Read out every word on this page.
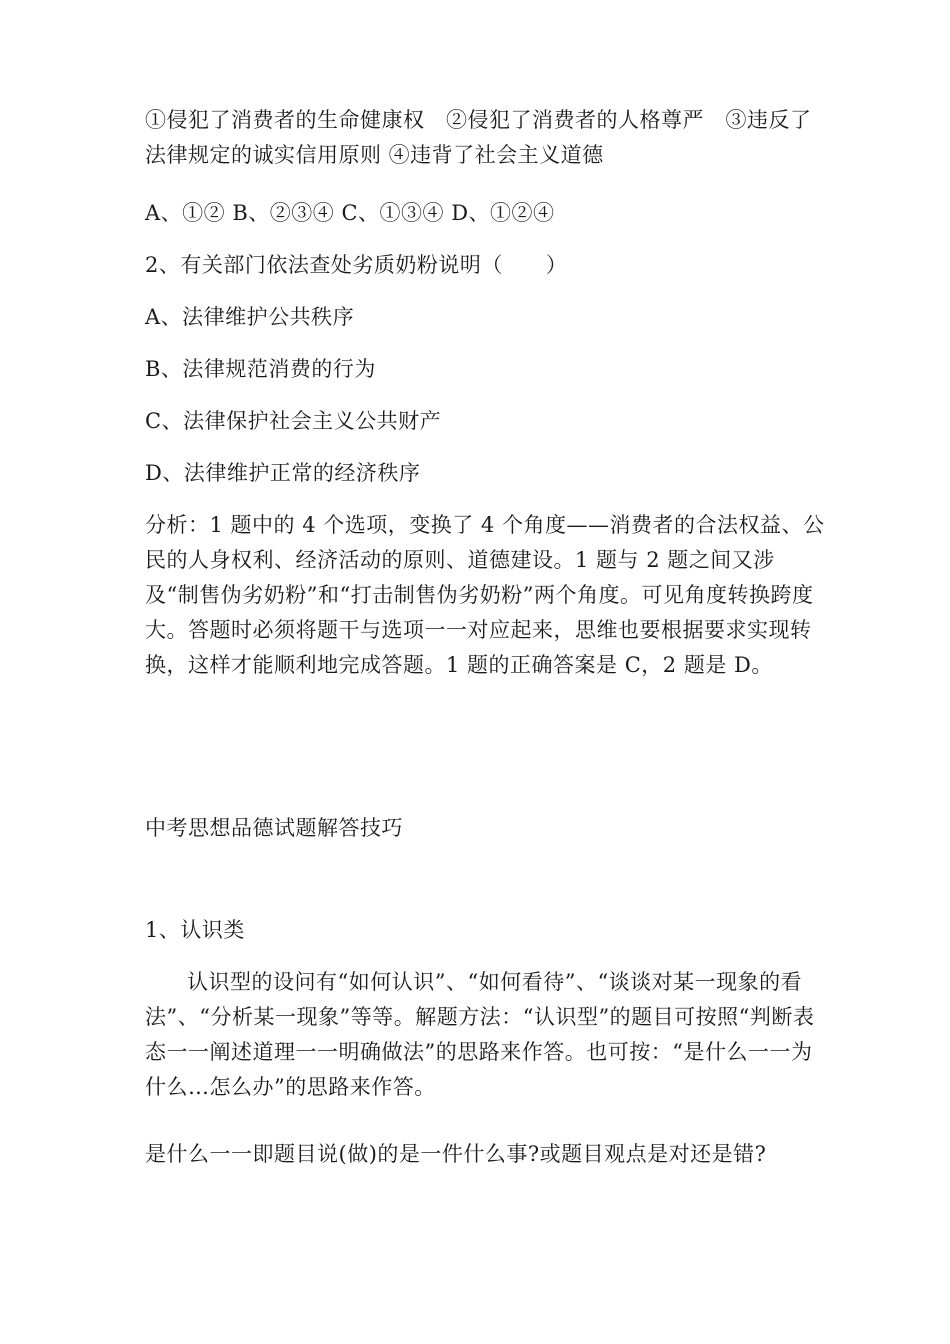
①侵犯了消费者的生命健康权　②侵犯了消费者的人格尊严　③违反了法律规定的诚实信用原则 ④违背了社会主义道德

A、①② B、②③④ C、①③④ D、①②④

2、有关部门依法查处劣质奶粉说明（　　）

A、法律维护公共秩序

B、法律规范消费的行为

C、法律保护社会主义公共财产

D、法律维护正常的经济秩序

分析：1 题中的 4 个选项，变换了 4 个角度——消费者的合法权益、公民的人身权利、经济活动的原则、道德建设。1 题与 2 题之间又涉及“制售伪劣奶粉”和“打击制售伪劣奶粉”两个角度。可见角度转换跨度大。答题时必须将题干与选项一一对应起来，思维也要根据要求实现转换，这样才能顺利地完成答题。1 题的正确答案是 C，2 题是 D。

中考思想品德试题解答技巧

1、认识类

认识型的设问有“如何认识”、“如何看待”、“谈谈对某一现象的看法”、“分析某一现象”等等。解题方法：“认识型”的题目可按照“判断表态一一阐述道理一一明确做法”的思路来作答。也可按：“是什么一一为什么…怎么办”的思路来作答。

是什么一一即题目说(做)的是一件什么事?或题目观点是对还是错?
